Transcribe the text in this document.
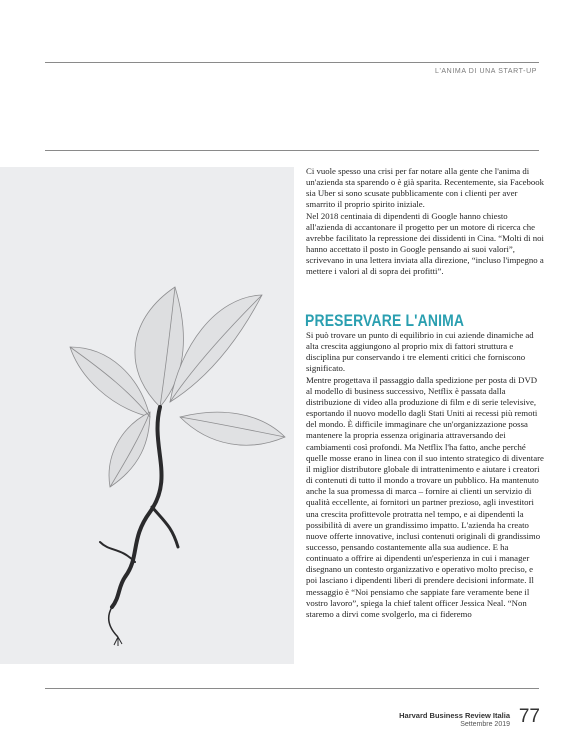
L'ANIMA DI UNA START-UP

Ci vuole spesso una crisi per far notare alla gente che l'anima di un'azienda sta sparendo o è già sparita. Recentemente, sia Facebook sia Uber si sono scusate pubblicamente con i clienti per aver smarrito il proprio spirito iniziale.

Nel 2018 centinaia di dipendenti di Google hanno chiesto all'azienda di accantonare il progetto per un motore di ricerca che avrebbe facilitato la repressione dei dissidenti in Cina. “Molti di noi hanno accettato il posto in Google pensando ai suoi valori”, scrivevano in una lettera inviata alla direzione, “incluso l'impegno a mettere i valori al di sopra dei profitti”.

PRESERVARE L'ANIMA

Si può trovare un punto di equilibrio in cui aziende dinamiche ad alta crescita aggiungono al proprio mix di fattori struttura e disciplina pur conservando i tre elementi critici che forniscono significato.

Mentre progettava il passaggio dalla spedizione per posta di DVD al modello di business successivo, Netflix è passata dalla distribuzione di video alla produzione di film e di serie televisive, esportando il nuovo modello dagli Stati Uniti ai recessi più remoti del mondo. È difficile immaginare che un'organizzazione possa mantenere la propria essenza originaria attraversando dei cambiamenti così profondi. Ma Netflix l'ha fatto, anche perché quelle mosse erano in linea con il suo intento strategico di diventare il miglior distributore globale di intrattenimento e aiutare i creatori di contenuti di tutto il mondo a trovare un pubblico. Ha mantenuto anche la sua promessa di marca – fornire ai clienti un servizio di qualità eccellente, ai fornitori un partner prezioso, agli investitori una crescita profittevole protratta nel tempo, e ai dipendenti la possibilità di avere un grandissimo impatto. L'azienda ha creato nuove offerte innovative, inclusi contenuti originali di grandissimo successo, pensando costantemente alla sua audience. E ha continuato a offrire ai dipendenti un'esperienza in cui i manager disegnano un contesto organizzativo e operativo molto preciso, e poi lasciano i dipendenti liberi di prendere decisioni informate. Il messaggio è “Noi pensiamo che sappiate fare veramente bene il vostro lavoro”, spiega la chief talent officer Jessica Neal. “Non staremo a dirvi come svolgerlo, ma ci fideremo

Harvard Business Review Italia
Settembre 2019 77
